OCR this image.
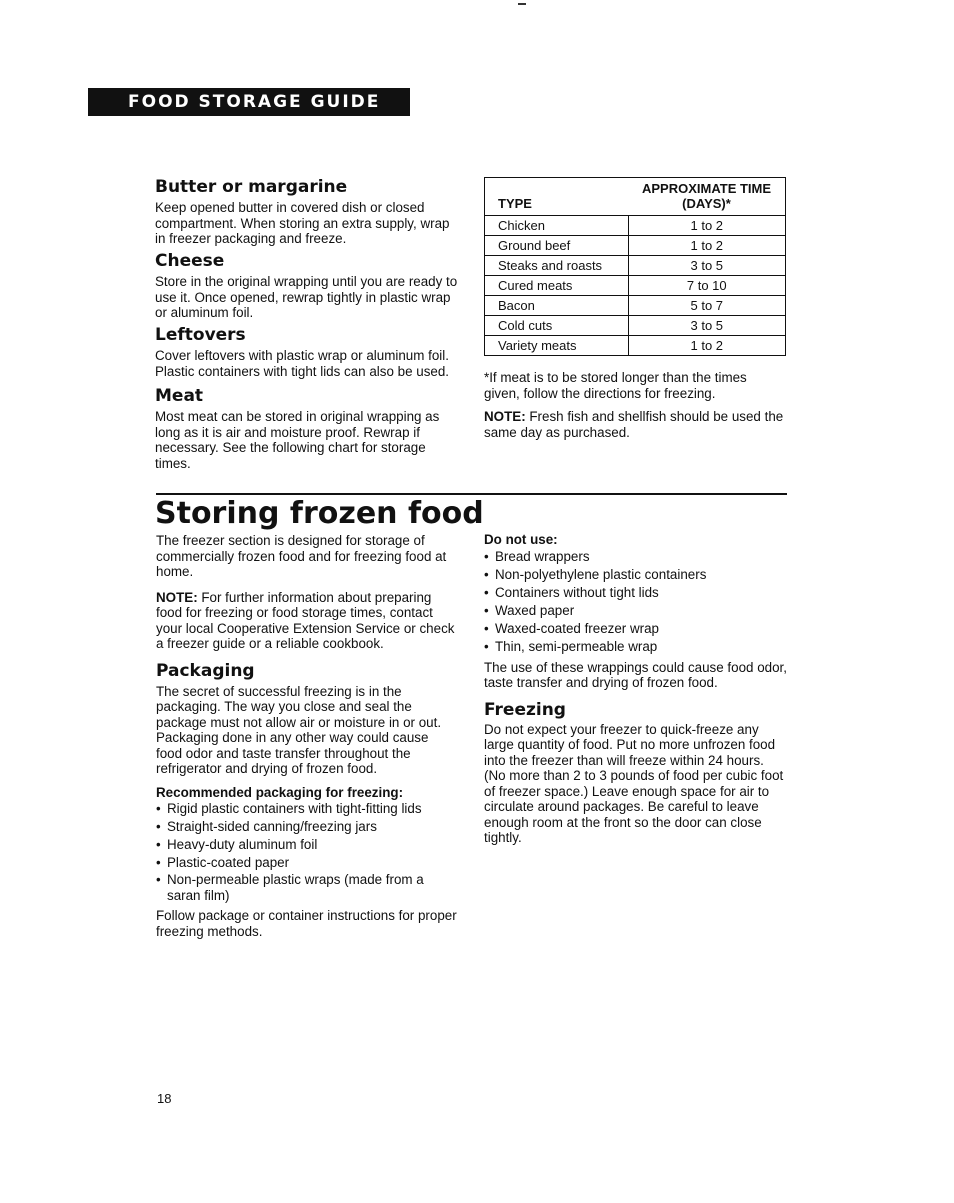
FOOD STORAGE GUIDE
Butter or margarine

Keep opened butter in covered dish or closed compartment. When storing an extra supply, wrap in freezer packaging and freeze.

Cheese

Store in the original wrapping until you are ready to use it. Once opened, rewrap tightly in plastic wrap or aluminum foil.

Leftovers

Cover leftovers with plastic wrap or aluminum foil. Plastic containers with tight lids can also be used.

Meat

Most meat can be stored in original wrapping as long as it is air and moisture proof. Rewrap if necessary. See the following chart for storage times.

TYPE	APPROXIMATE TIME
(DAYS)*
Chicken	1 to 2
Ground beef	1 to 2
Steaks and roasts	3 to 5
Cured meats	7 to 10
Bacon	5 to 7
Cold cuts	3 to 5
Variety meats	1 to 2

*If meat is to be stored longer than the times given, follow the directions for freezing.

NOTE: Fresh fish and shellfish should be used the same day as purchased.

Storing frozen food

The freezer section is designed for storage of commercially frozen food and for freezing food at home.

NOTE: For further information about preparing food for freezing or food storage times, contact your local Cooperative Extension Service or check a freezer guide or a reliable cookbook.

Packaging

The secret of successful freezing is in the packaging. The way you close and seal the package must not allow air or moisture in or out. Packaging done in any other way could cause food odor and taste transfer throughout the refrigerator and drying of frozen food.

Recommended packaging for freezing:

• Rigid plastic containers with tight-fitting lids
• Straight-sided canning/freezing jars
• Heavy-duty aluminum foil
• Plastic-coated paper
• Non-permeable plastic wraps (made from a saran film)

Follow package or container instructions for proper freezing methods.

Do not use:

• Bread wrappers
• Non-polyethylene plastic containers
• Containers without tight lids
• Waxed paper
• Waxed-coated freezer wrap
• Thin, semi-permeable wrap

The use of these wrappings could cause food odor, taste transfer and drying of frozen food.

Freezing

Do not expect your freezer to quick-freeze any large quantity of food. Put no more unfrozen food into the freezer than will freeze within 24 hours. (No more than 2 to 3 pounds of food per cubic foot of freezer space.) Leave enough space for air to circulate around packages. Be careful to leave enough room at the front so the door can close tightly.

18
